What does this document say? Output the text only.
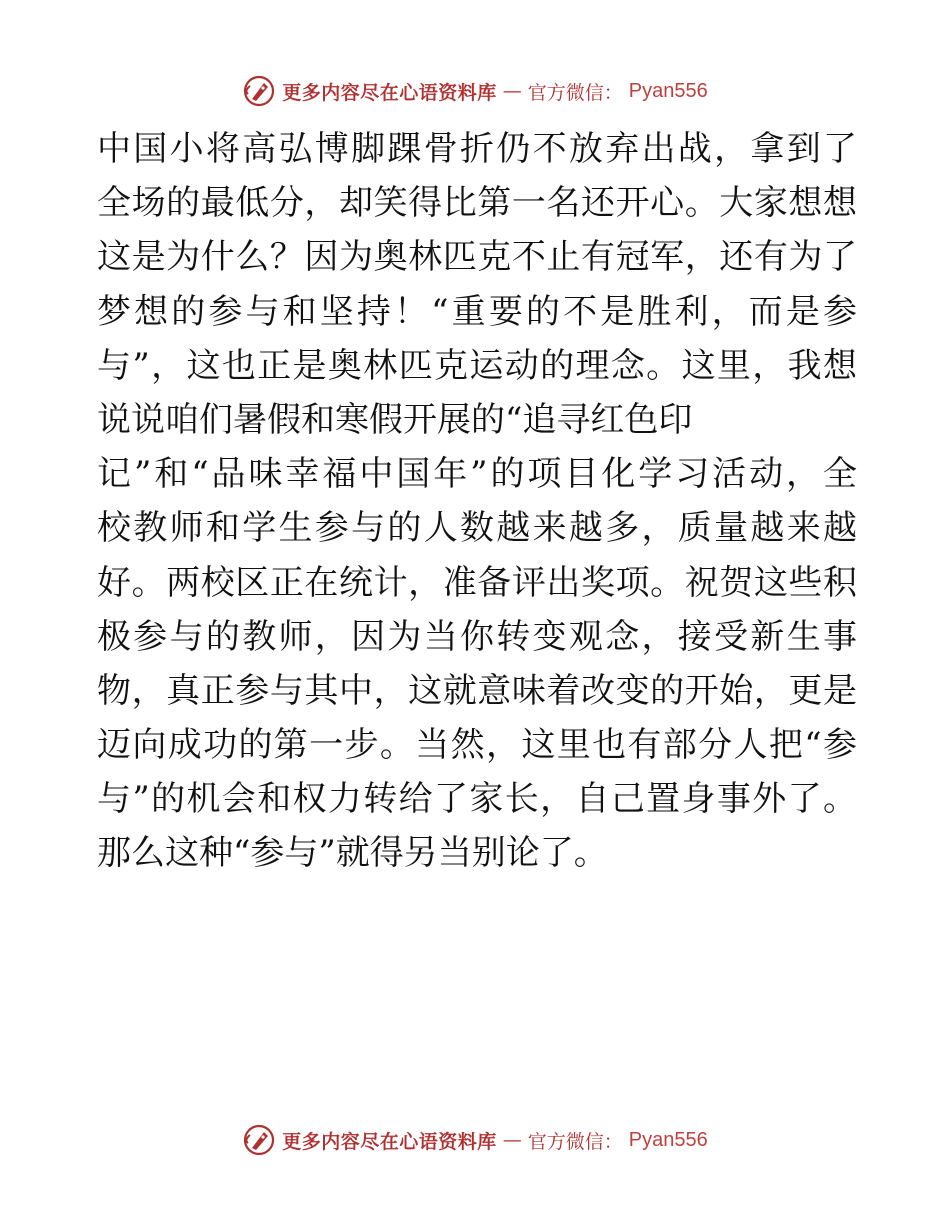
更多内容尽在心语资料库 — 官方微信： Pyan556
中国小将高弘博脚踝骨折仍不放弃出战，拿到了
全场的最低分，却笑得比第一名还开心。大家想想
这是为什么？因为奥林匹克不止有冠军，还有为了
梦想的参与和坚持！“重要的不是胜利，而是参
与”，这也正是奥林匹克运动的理念。这里，我想
说说咱们暑假和寒假开展的“追寻红色印
记”和“品味幸福中国年”的项目化学习活动，全
校教师和学生参与的人数越来越多，质量越来越
好。两校区正在统计，准备评出奖项。祝贺这些积
极参与的教师，因为当你转变观念，接受新生事
物，真正参与其中，这就意味着改变的开始，更是
迈向成功的第一步。当然，这里也有部分人把“参
与”的机会和权力转给了家长，自己置身事外了。
那么这种“参与”就得另当别论了。
更多内容尽在心语资料库 — 官方微信： Pyan556
